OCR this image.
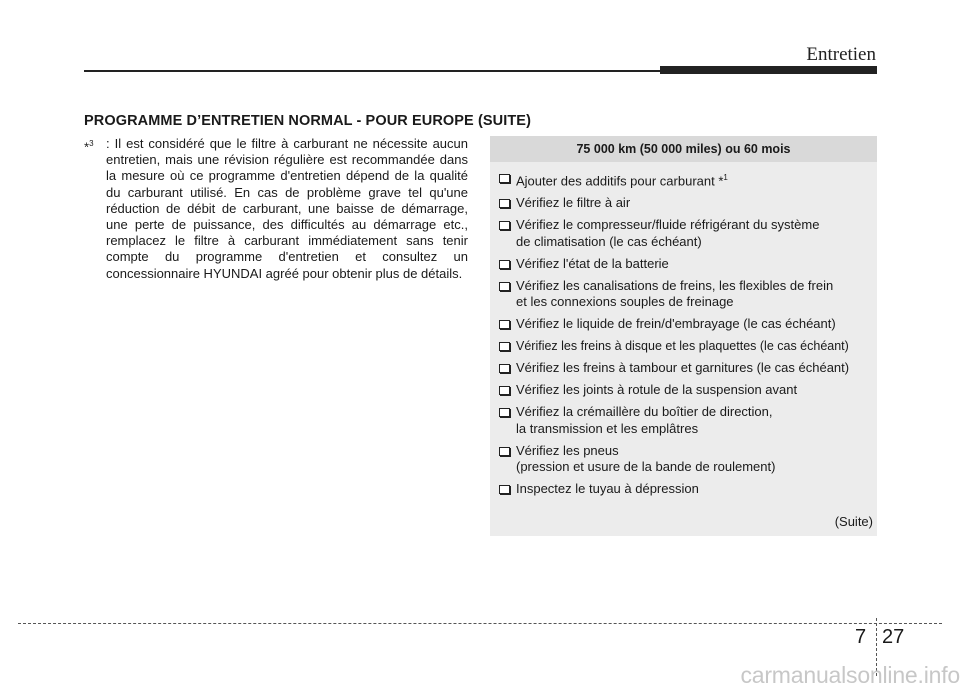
Entretien
PROGRAMME D’ENTRETIEN NORMAL - POUR EUROPE (SUITE)
*$^3$ : Il est considéré que le filtre à carburant ne nécessite aucun entretien, mais une révision régulière est recommandée dans la mesure où ce programme d'entretien dépend de la qualité du carburant utilisé. En cas de problème grave tel qu'une réduction de débit de carburant, une baisse de démarrage, une perte de puissance, des difficultés au démarrage etc., remplacez le filtre à carburant immédiatement sans tenir compte du programme d'entretien et consultez un concessionnaire HYUNDAI agréé pour obtenir plus de détails.
75 000 km (50 000 miles) ou 60 mois
Ajouter des additifs pour carburant *$^1$
Vérifiez le filtre à air
Vérifiez le compresseur/fluide réfrigérant du système
de climatisation (le cas échéant)
Vérifiez l'état de la batterie
Vérifiez les canalisations de freins, les flexibles de frein
et les connexions souples de freinage
Vérifiez le liquide de frein/d'embrayage (le cas échéant)
Vérifiez les freins à disque et les plaquettes (le cas échéant)
Vérifiez les freins à tambour et garnitures (le cas échéant)
Vérifiez les joints à rotule de la suspension avant
Vérifiez la crémaillère du boîtier de direction,
la transmission et les emplâtres
Vérifiez les pneus
(pression et usure de la bande de roulement)
Inspectez le tuyau à dépression
(Suite)
7 27
carmanualsonline.info
